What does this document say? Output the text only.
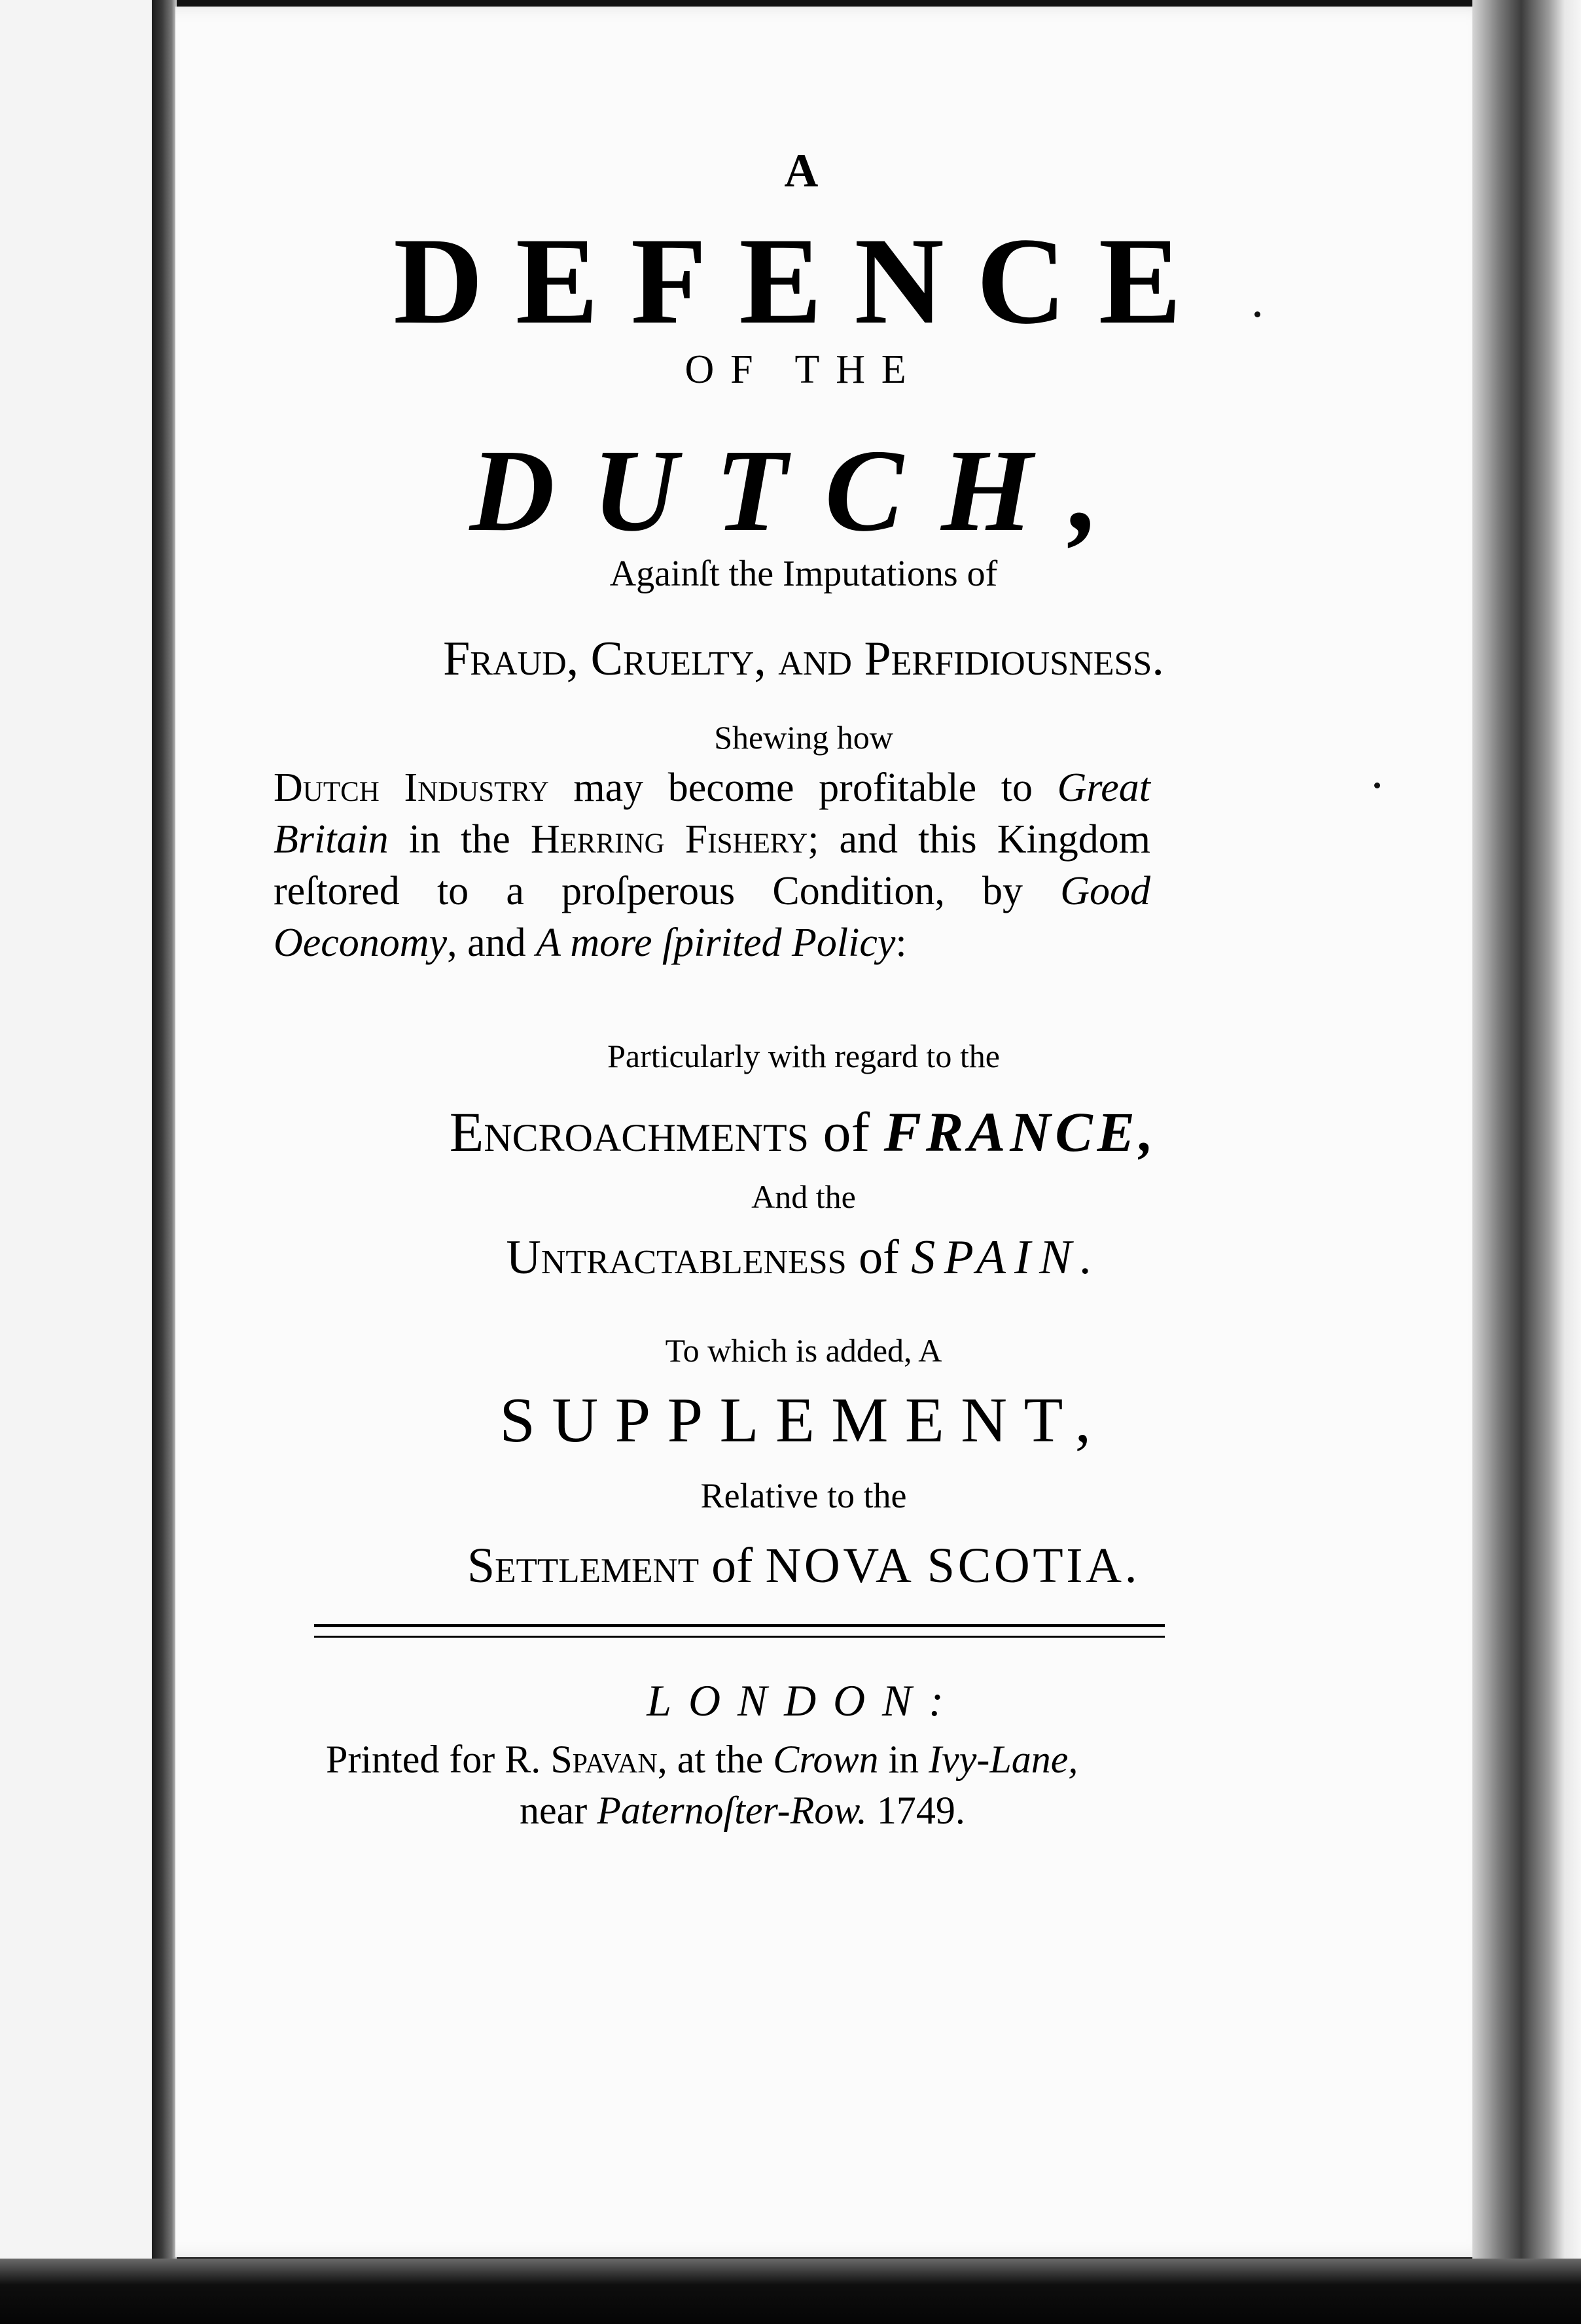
A
DEFENCE
OF THE
DUTCH,
Againſt the Imputations of
Fraud, Cruelty, and Perfidiousness.
Shewing how
Dutch Industry may become profitable to Great Britain in the Herring Fishery; and this Kingdom reſtored to a proſperous Condition, by Good Oeconomy, and A more ſpirited Policy:
Particularly with regard to the
Encroachments of FRANCE,
And the
Untractableness of SPAIN.
To which is added, A
SUPPLEMENT,
Relative to the
Settlement of NOVA SCOTIA.
LONDON:
Printed for R. Spavan, at the Crown in Ivy-Lane,
near Paternoſter-Row. 1749.
